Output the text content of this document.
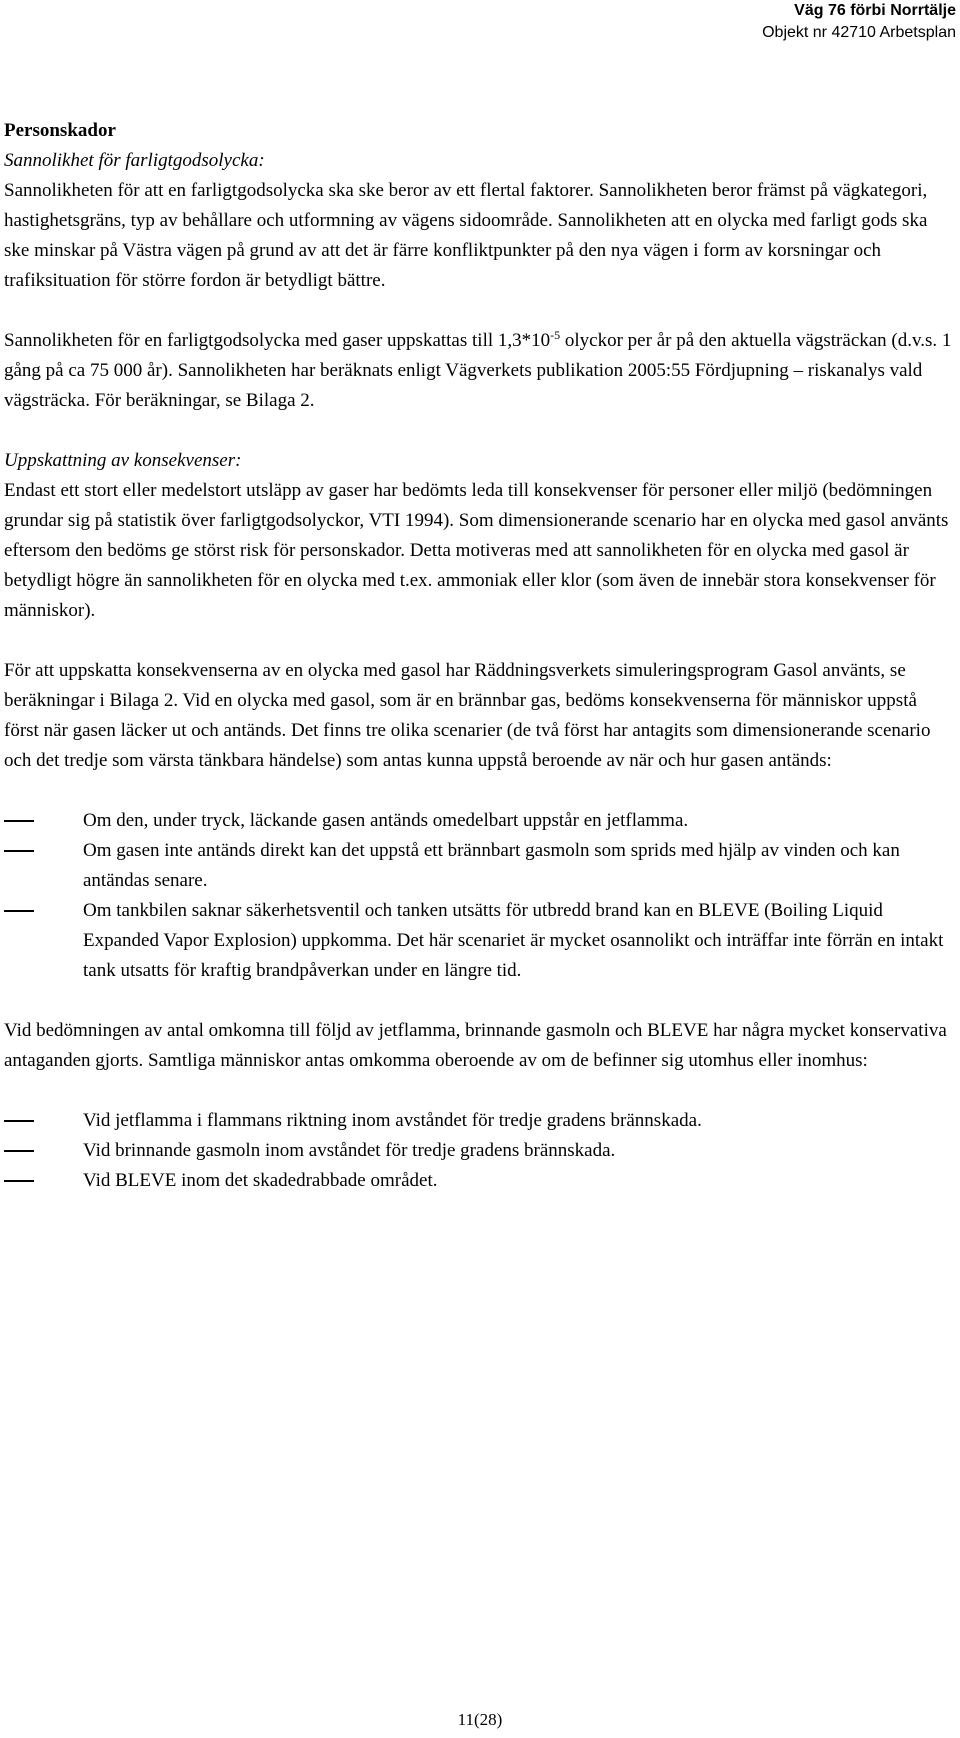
Väg 76 förbi Norrtälje
Objekt nr 42710 Arbetsplan

Personskador

Sannolikhet för farligtgodsolycka:

Sannolikheten för att en farligtgodsolycka ska ske beror av ett flertal faktorer. Sannolikheten beror främst på vägkategori, hastighetsgräns, typ av behållare och utformning av vägens sidoområde. Sannolikheten att en olycka med farligt gods ska ske minskar på Västra vägen på grund av att det är färre konfliktpunkter på den nya vägen i form av korsningar och trafiksituation för större fordon är betydligt bättre.

Sannolikheten för en farligtgodsolycka med gaser uppskattas till $1,3*10^{-5}$ olyckor per år på den aktuella vägsträckan (d.v.s. 1 gång på ca 75 000 år). Sannolikheten har beräknats enligt Vägverkets publikation 2005:55 Fördjupning – riskanalys vald vägsträcka. För beräkningar, se Bilaga 2.

Uppskattning av konsekvenser:

Endast ett stort eller medelstort utsläpp av gaser har bedömts leda till konsekvenser för personer eller miljö (bedömningen grundar sig på statistik över farligtgodsolyckor, VTI 1994). Som dimensionerande scenario har en olycka med gasol använts eftersom den bedöms ge störst risk för personskador. Detta motiveras med att sannolikheten för en olycka med gasol är betydligt högre än sannolikheten för en olycka med t.ex. ammoniak eller klor (som även de innebär stora konsekvenser för människor).

För att uppskatta konsekvenserna av en olycka med gasol har Räddningsverkets simuleringsprogram Gasol använts, se beräkningar i Bilaga 2. Vid en olycka med gasol, som är en brännbar gas, bedöms konsekvenserna för människor uppstå först när gasen läcker ut och antänds. Det finns tre olika scenarier (de två först har antagits som dimensionerande scenario och det tredje som värsta tänkbara händelse) som antas kunna uppstå beroende av när och hur gasen antänds:

Om den, under tryck, läckande gasen antänds omedelbart uppstår en jetflamma.
Om gasen inte antänds direkt kan det uppstå ett brännbart gasmoln som sprids med hjälp av vinden och kan antändas senare.
Om tankbilen saknar säkerhetsventil och tanken utsätts för utbredd brand kan en BLEVE (Boiling Liquid Expanded Vapor Explosion) uppkomma. Det här scenariet är mycket osannolikt och inträffar inte förrän en intakt tank utsatts för kraftig brandpåverkan under en längre tid.

Vid bedömningen av antal omkomna till följd av jetflamma, brinnande gasmoln och BLEVE har några mycket konservativa antaganden gjorts. Samtliga människor antas omkomma oberoende av om de befinner sig utomhus eller inomhus:

Vid jetflamma i flammans riktning inom avståndet för tredje gradens brännskada.
Vid brinnande gasmoln inom avståndet för tredje gradens brännskada.
Vid BLEVE inom det skadedrabbade området.
11(28)
